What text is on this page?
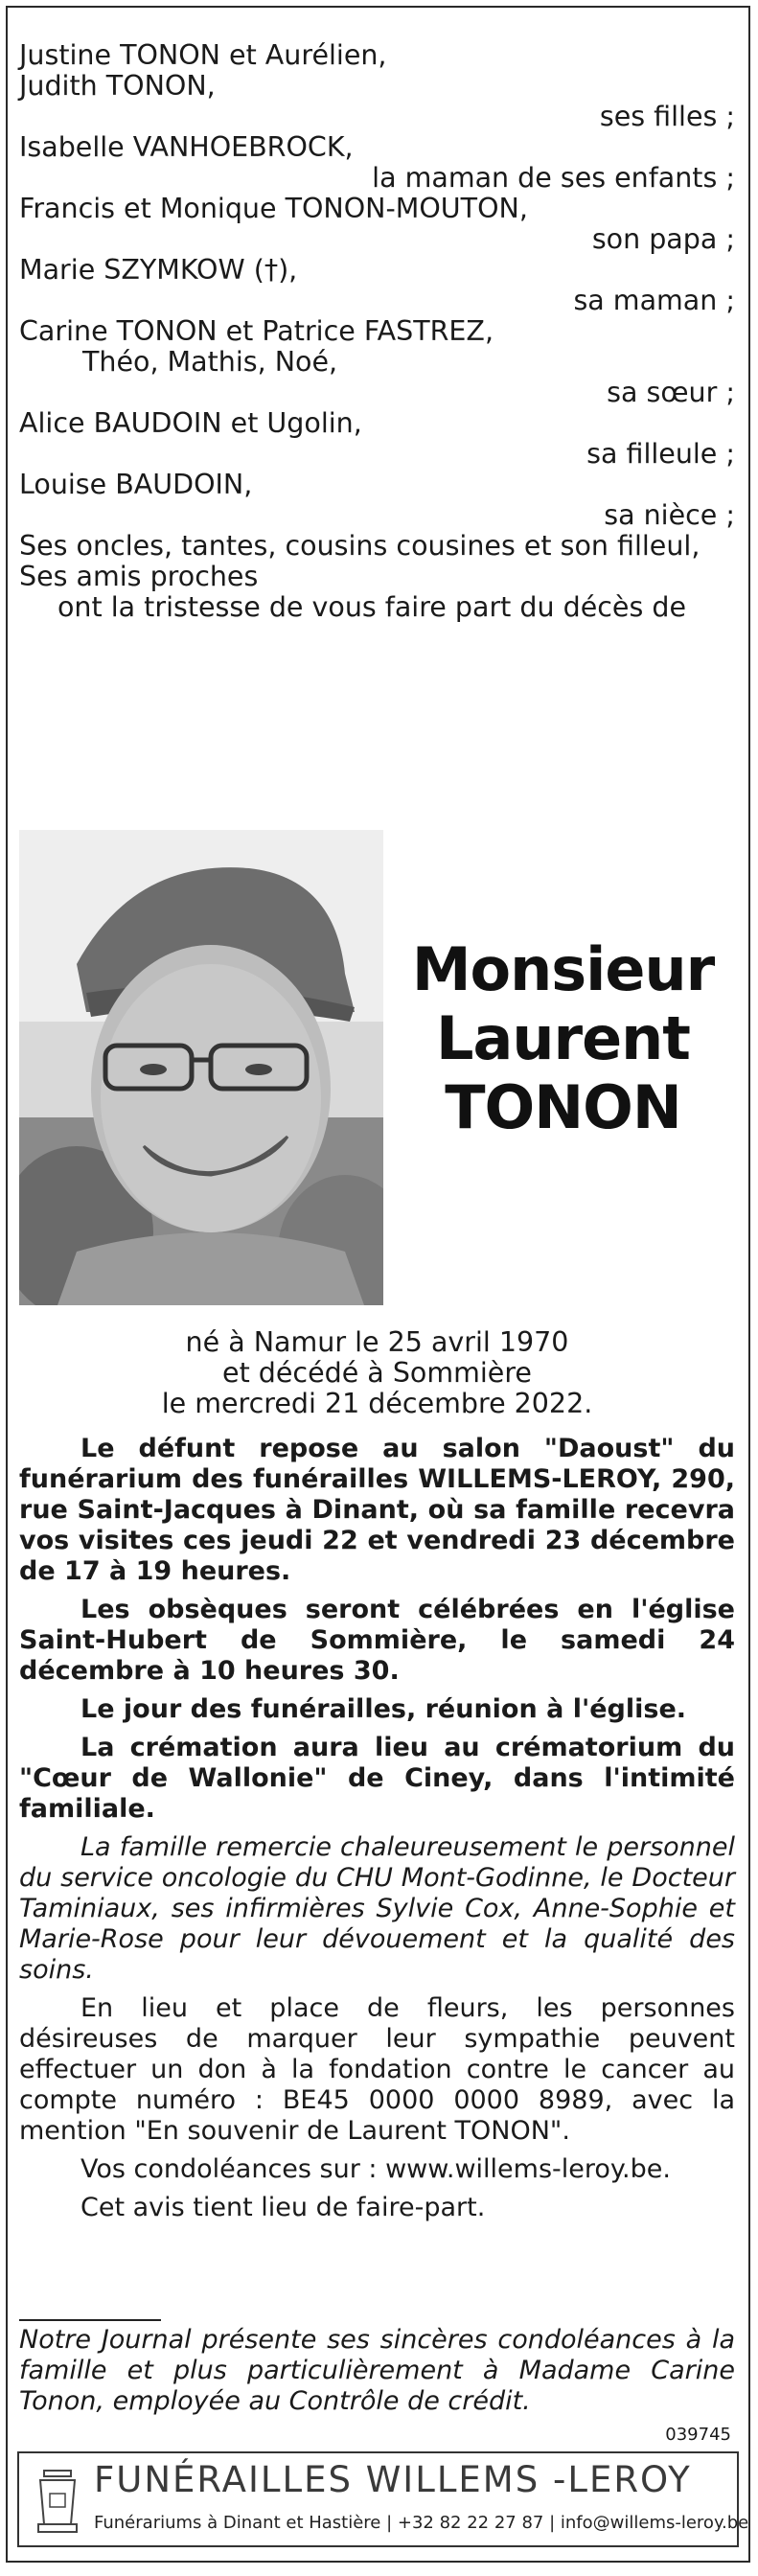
Justine TONON et Aurélien,
Judith TONON,
ses filles ;
Isabelle VANHOEBROCK,
la maman de ses enfants ;
Francis et Monique TONON-MOUTON,
son papa ;
Marie SZYMKOW (†),
sa maman ;
Carine TONON et Patrice FASTREZ,
Théo, Mathis, Noé,
sa sœur ;
Alice BAUDOIN et Ugolin,
sa filleule ;
Louise BAUDOIN,
sa nièce ;
Ses oncles, tantes, cousins cousines et son filleul,
Ses amis proches
ont la tristesse de vous faire part du décès de
Monsieur
Laurent
TONON
né à Namur le 25 avril 1970
et décédé à Sommière
le mercredi 21 décembre 2022.

Le défunt repose au salon "Daoust" du funérarium des funérailles WILLEMS-LEROY, 290, rue Saint-Jacques à Dinant, où sa famille recevra vos visites ces jeudi 22 et vendredi 23 décembre de 17 à 19 heures.

Les obsèques seront célébrées en l'église Saint-Hubert de Sommière, le samedi 24 décembre à 10 heures 30.

Le jour des funérailles, réunion à l'église.

La crémation aura lieu au crématorium du "Cœur de Wallonie" de Ciney, dans l'intimité familiale.

La famille remercie chaleureusement le personnel du service oncologie du CHU Mont-Godinne, le Docteur Taminiaux, ses infirmières Sylvie Cox, Anne-Sophie et Marie-Rose pour leur dévouement et la qualité des soins.

En lieu et place de fleurs, les personnes désireuses de marquer leur sympathie peuvent effectuer un don à la fondation contre le cancer au compte numéro : BE45 0000 0000 8989, avec la mention "En souvenir de Laurent TONON".

Vos condoléances sur : www.willems-leroy.be.

Cet avis tient lieu de faire-part.

Notre Journal présente ses sincères condoléances à la famille et plus particulièrement à Madame Carine Tonon, employée au Contrôle de crédit.
039745
FUNÉRAILLES WILLEMS -LEROY
Funérariums à Dinant et Hastière | +32 82 22 27 87 | info@willems-leroy.be
